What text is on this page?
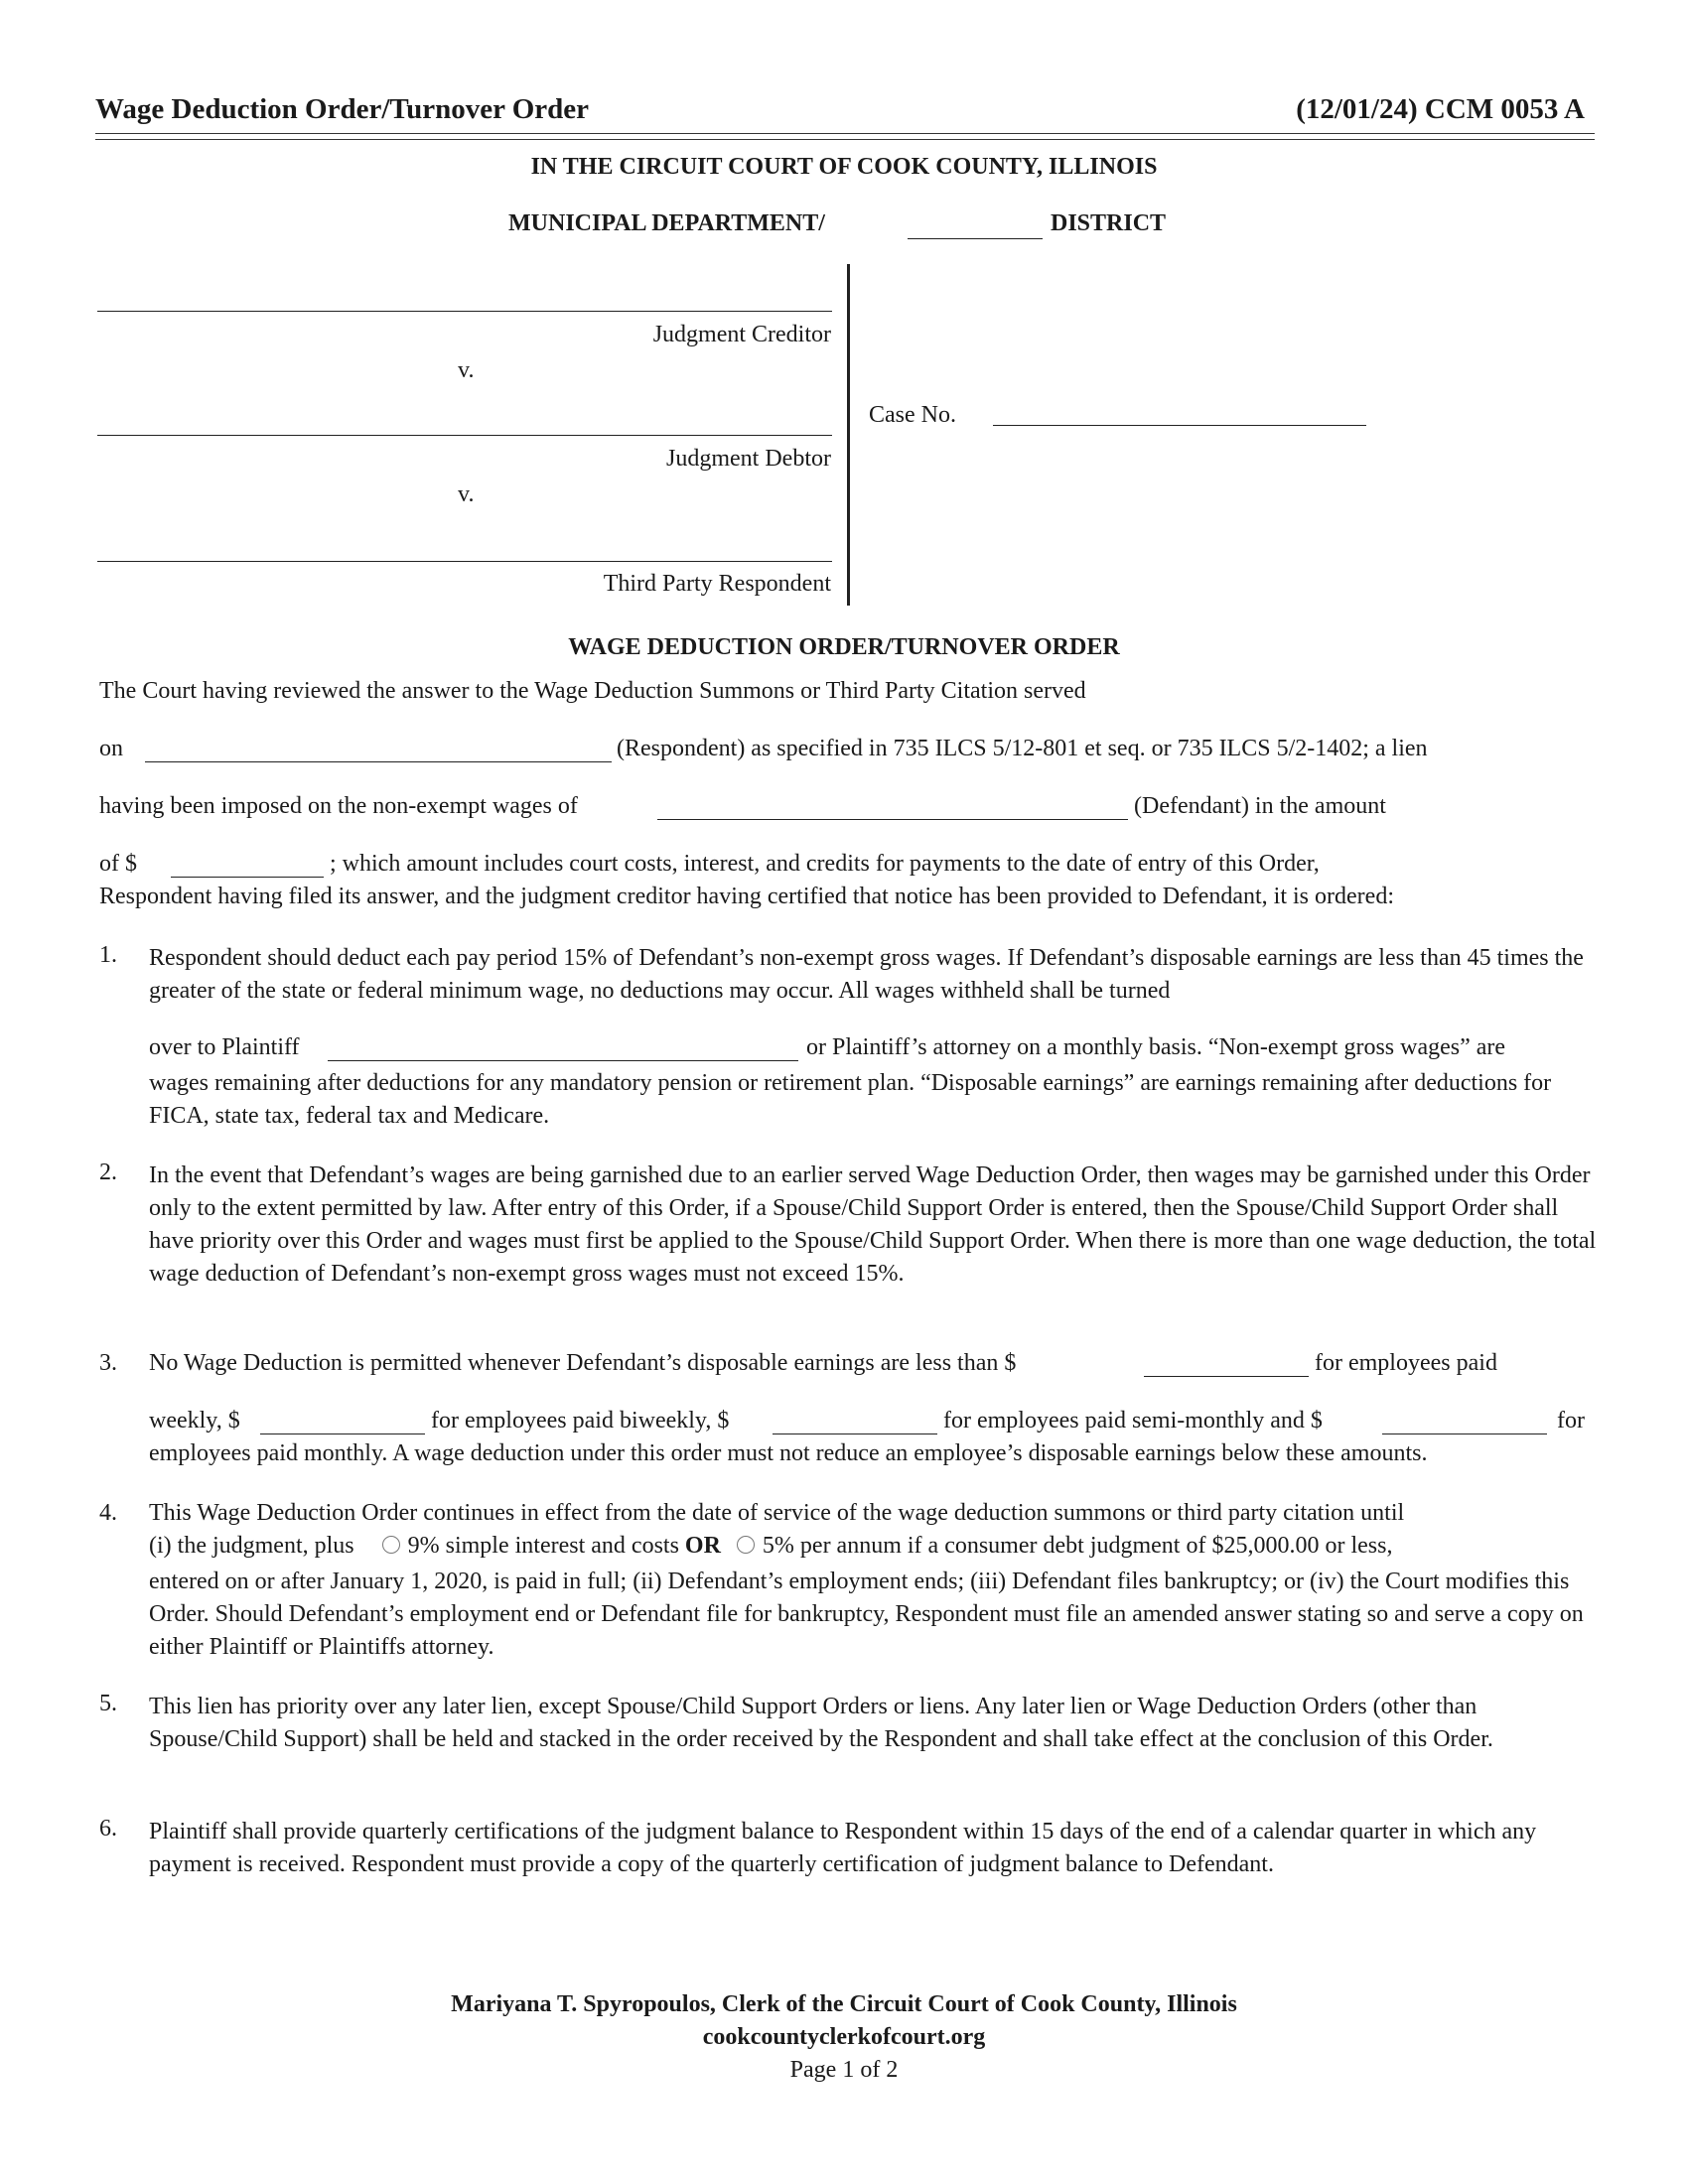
Wage Deduction Order/Turnover Order	(12/01/24) CCM 0053 A
IN THE CIRCUIT COURT OF COOK COUNTY, ILLINOIS
MUNICIPAL DEPARTMENT/	DISTRICT
Judgment Creditor
v.
Judgment Debtor
v.
Third Party Respondent
Case No.
WAGE DEDUCTION ORDER/TURNOVER ORDER
The Court having reviewed the answer to the Wage Deduction Summons or Third Party Citation served
on	(Respondent) as specified in 735 ILCS 5/12-801 et seq. or 735 ILCS 5/2-1402; a lien
having been imposed on the non-exempt wages of	(Defendant) in the amount
of $	; which amount includes court costs, interest, and credits for payments to the date of entry of this Order,
Respondent having filed its answer, and the judgment creditor having certified that notice has been provided to Defendant, it is ordered:
1. Respondent should deduct each pay period 15% of Defendant’s non-exempt gross wages. If Defendant’s disposable earnings are less than 45 times the greater of the state or federal minimum wage, no deductions may occur. All wages withheld shall be turned
over to Plaintiff	or Plaintiff’s attorney on a monthly basis. “Non-exempt gross wages” are
wages remaining after deductions for any mandatory pension or retirement plan. “Disposable earnings” are earnings remaining after deductions for FICA, state tax, federal tax and Medicare.
2. In the event that Defendant’s wages are being garnished due to an earlier served Wage Deduction Order, then wages may be garnished under this Order only to the extent permitted by law. After entry of this Order, if a Spouse/Child Support Order is entered, then the Spouse/Child Support Order shall have priority over this Order and wages must first be applied to the Spouse/Child Support Order. When there is more than one wage deduction, the total wage deduction of Defendant’s non-exempt gross wages must not exceed 15%.
3. No Wage Deduction is permitted whenever Defendant’s disposable earnings are less than $	for employees paid
weekly, $	for employees paid biweekly, $	for employees paid semi-monthly and $	for
employees paid monthly. A wage deduction under this order must not reduce an employee’s disposable earnings below these amounts.
4. This Wage Deduction Order continues in effect from the date of service of the wage deduction summons or third party citation until
(i) the judgment, plus 9% simple interest and costs OR 5% per annum if a consumer debt judgment of $25,000.00 or less,
entered on or after January 1, 2020, is paid in full; (ii) Defendant’s employment ends; (iii) Defendant files bankruptcy; or (iv) the Court modifies this Order. Should Defendant’s employment end or Defendant file for bankruptcy, Respondent must file an amended answer stating so and serve a copy on either Plaintiff or Plaintiffs attorney.
5. This lien has priority over any later lien, except Spouse/Child Support Orders or liens. Any later lien or Wage Deduction Orders (other than Spouse/Child Support) shall be held and stacked in the order received by the Respondent and shall take effect at the conclusion of this Order.
6. Plaintiff shall provide quarterly certifications of the judgment balance to Respondent within 15 days of the end of a calendar quarter in which any payment is received. Respondent must provide a copy of the quarterly certification of judgment balance to Defendant.
Mariyana T. Spyropoulos, Clerk of the Circuit Court of Cook County, Illinois
cookcountyclerkofcourt.org
Page 1 of 2
